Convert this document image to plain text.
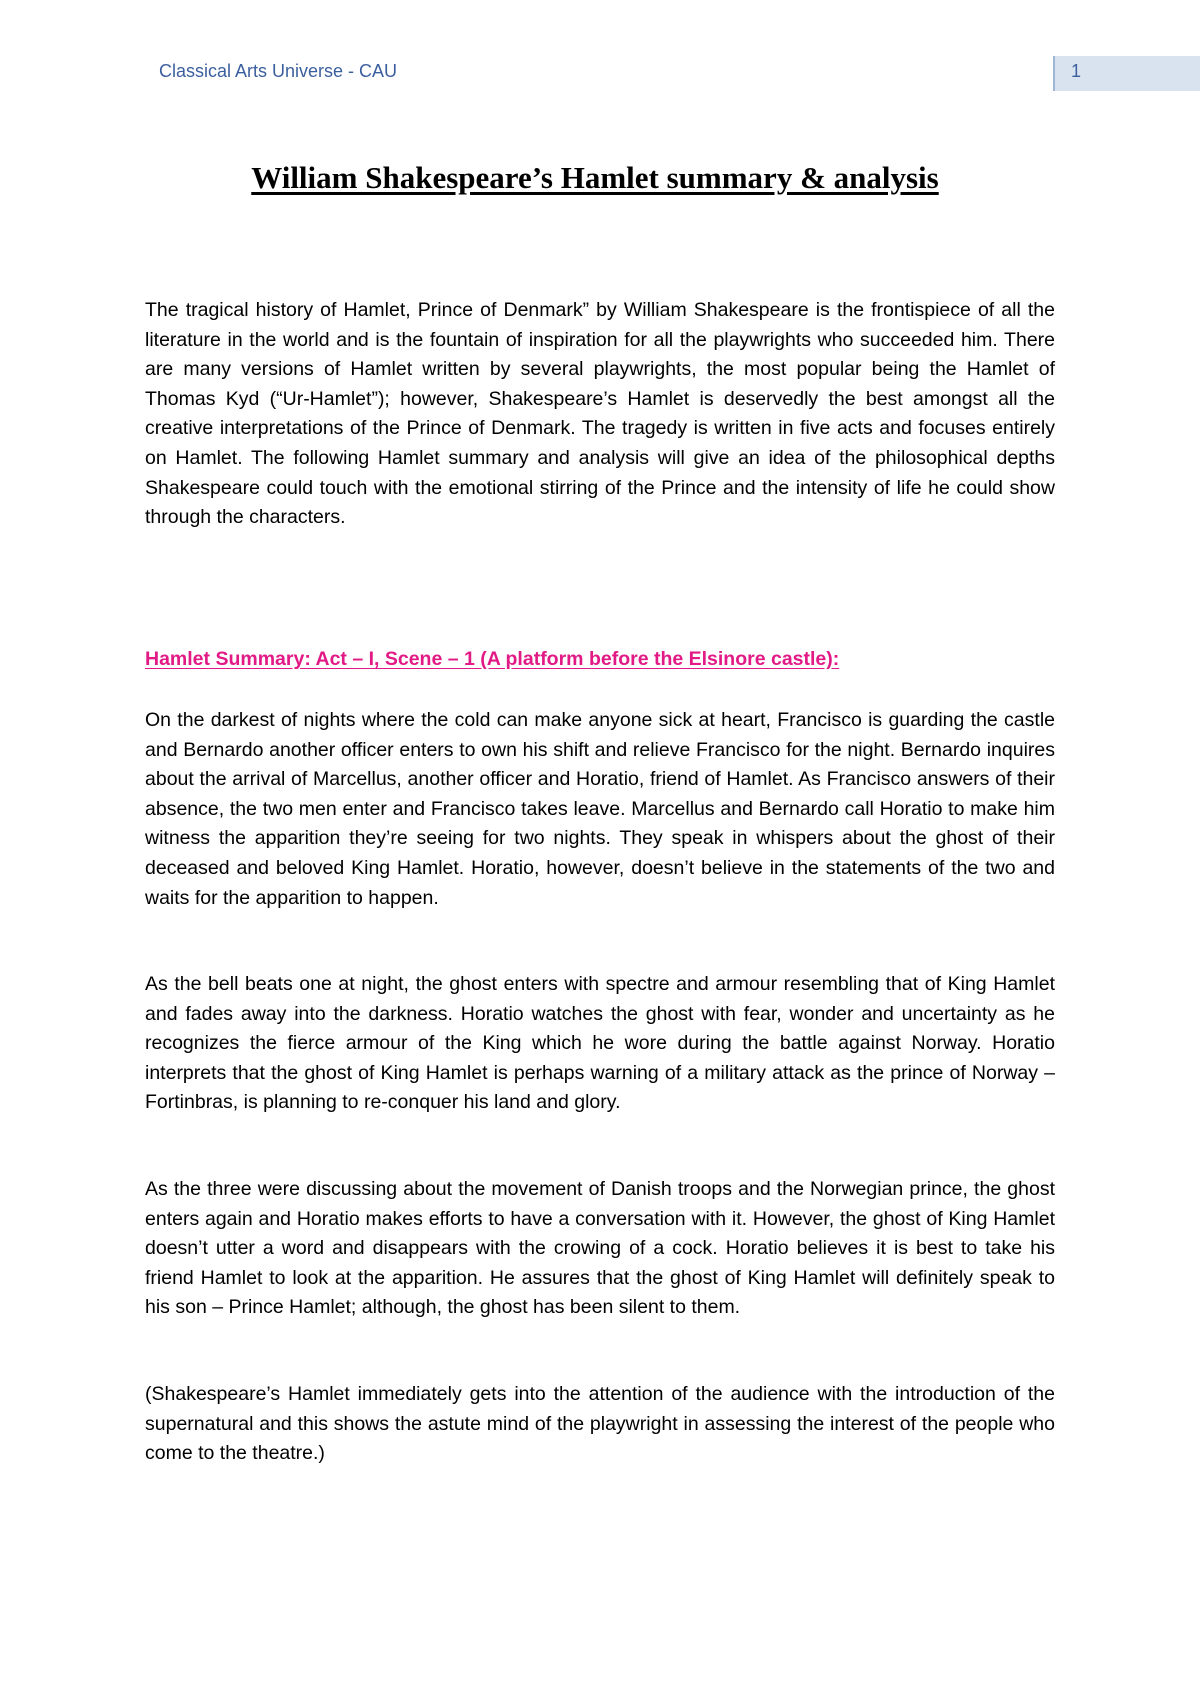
Classical Arts Universe - CAU	1
William Shakespeare’s Hamlet summary & analysis

The tragical history of Hamlet, Prince of Denmark” by William Shakespeare is the frontispiece of all the literature in the world and is the fountain of inspiration for all the playwrights who succeeded him. There are many versions of Hamlet written by several playwrights, the most popular being the Hamlet of Thomas Kyd (“Ur-Hamlet”); however, Shakespeare’s Hamlet is deservedly the best amongst all the creative interpretations of the Prince of Denmark. The tragedy is written in five acts and focuses entirely on Hamlet. The following Hamlet summary and analysis will give an idea of the philosophical depths Shakespeare could touch with the emotional stirring of the Prince and the intensity of life he could show through the characters.

Hamlet Summary: Act – I, Scene – 1 (A platform before the Elsinore castle):

On the darkest of nights where the cold can make anyone sick at heart, Francisco is guarding the castle and Bernardo another officer enters to own his shift and relieve Francisco for the night. Bernardo inquires about the arrival of Marcellus, another officer and Horatio, friend of Hamlet. As Francisco answers of their absence, the two men enter and Francisco takes leave. Marcellus and Bernardo call Horatio to make him witness the apparition they’re seeing for two nights. They speak in whispers about the ghost of their deceased and beloved King Hamlet. Horatio, however, doesn’t believe in the statements of the two and waits for the apparition to happen.

As the bell beats one at night, the ghost enters with spectre and armour resembling that of King Hamlet and fades away into the darkness. Horatio watches the ghost with fear, wonder and uncertainty as he recognizes the fierce armour of the King which he wore during the battle against Norway. Horatio interprets that the ghost of King Hamlet is perhaps warning of a military attack as the prince of Norway – Fortinbras, is planning to re-conquer his land and glory.

As the three were discussing about the movement of Danish troops and the Norwegian prince, the ghost enters again and Horatio makes efforts to have a conversation with it. However, the ghost of King Hamlet doesn’t utter a word and disappears with the crowing of a cock. Horatio believes it is best to take his friend Hamlet to look at the apparition. He assures that the ghost of King Hamlet will definitely speak to his son – Prince Hamlet; although, the ghost has been silent to them.

(Shakespeare’s Hamlet immediately gets into the attention of the audience with the introduction of the supernatural and this shows the astute mind of the playwright in assessing the interest of the people who come to the theatre.)
